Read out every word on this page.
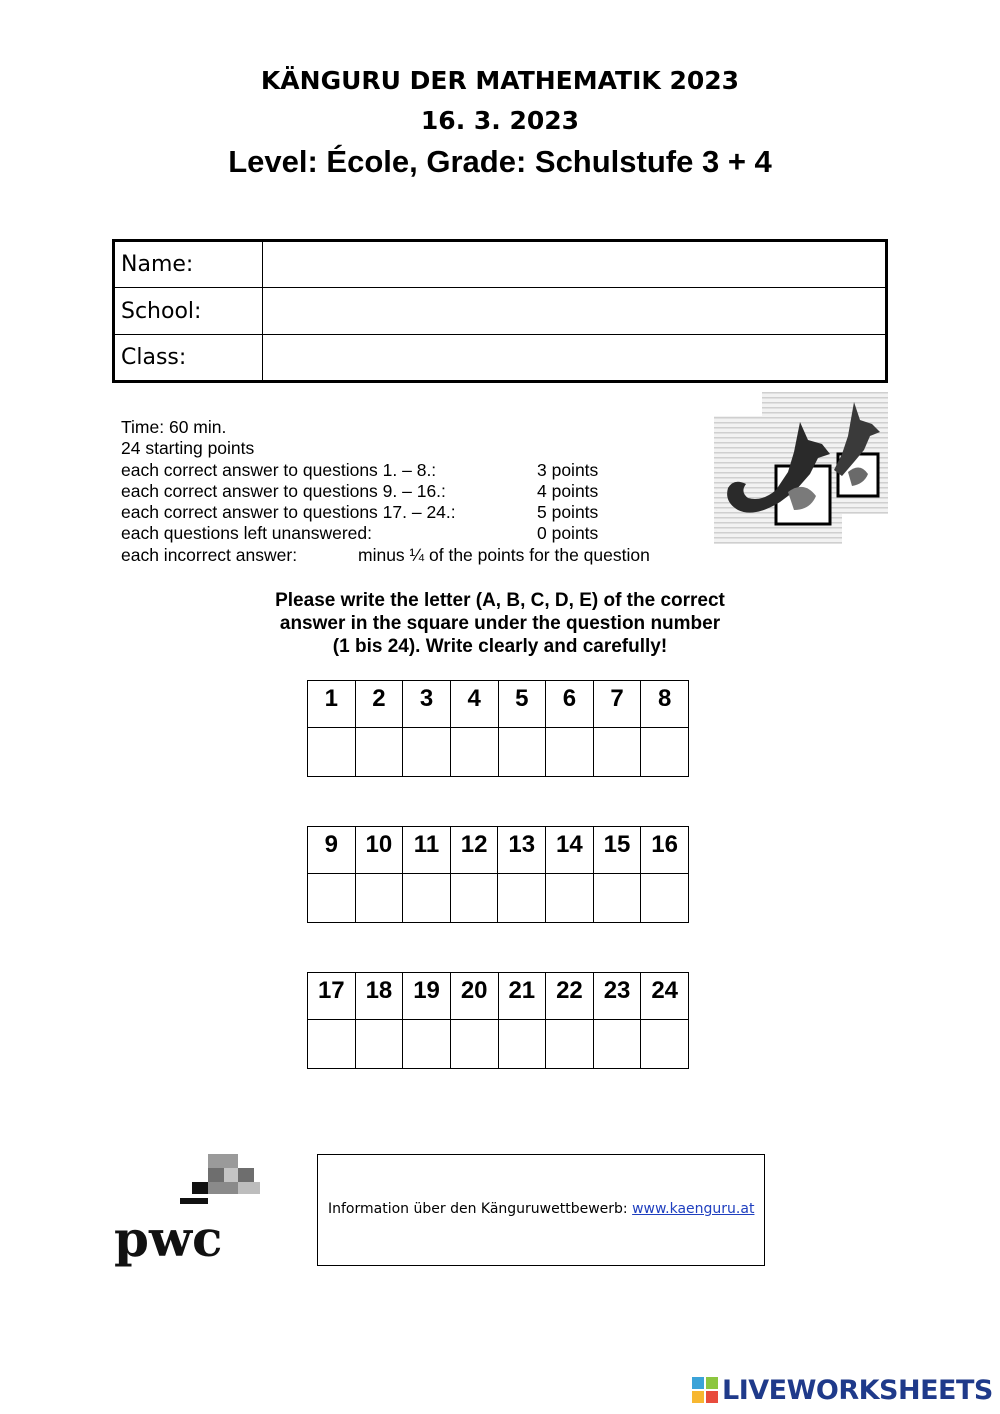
KÄNGURU DER MATHEMATIK 2023
16. 3. 2023
Level: École, Grade: Schulstufe 3 + 4
Name:	
School:	
Class:	
Time: 60 min.
24 starting points
each correct answer to questions 1. – 8.:	3 points
each correct answer to questions 9. – 16.:	4 points
each correct answer to questions 17. – 24.:	5 points
each questions left unanswered:	0 points
each incorrect answer:	minus ¼ of the points for the question
Please write the letter (A, B, C, D, E) of the correct
answer in the square under the question number
(1 bis 24). Write clearly and carefully!
1	2	3	4	5	6	7	8

9	10	11	12	13	14	15	16

17	18	19	20	21	22	23	24

pwc	Information über den Känguruwettbewerb: www.kaenguru.at
LIVEWORKSHEETS
